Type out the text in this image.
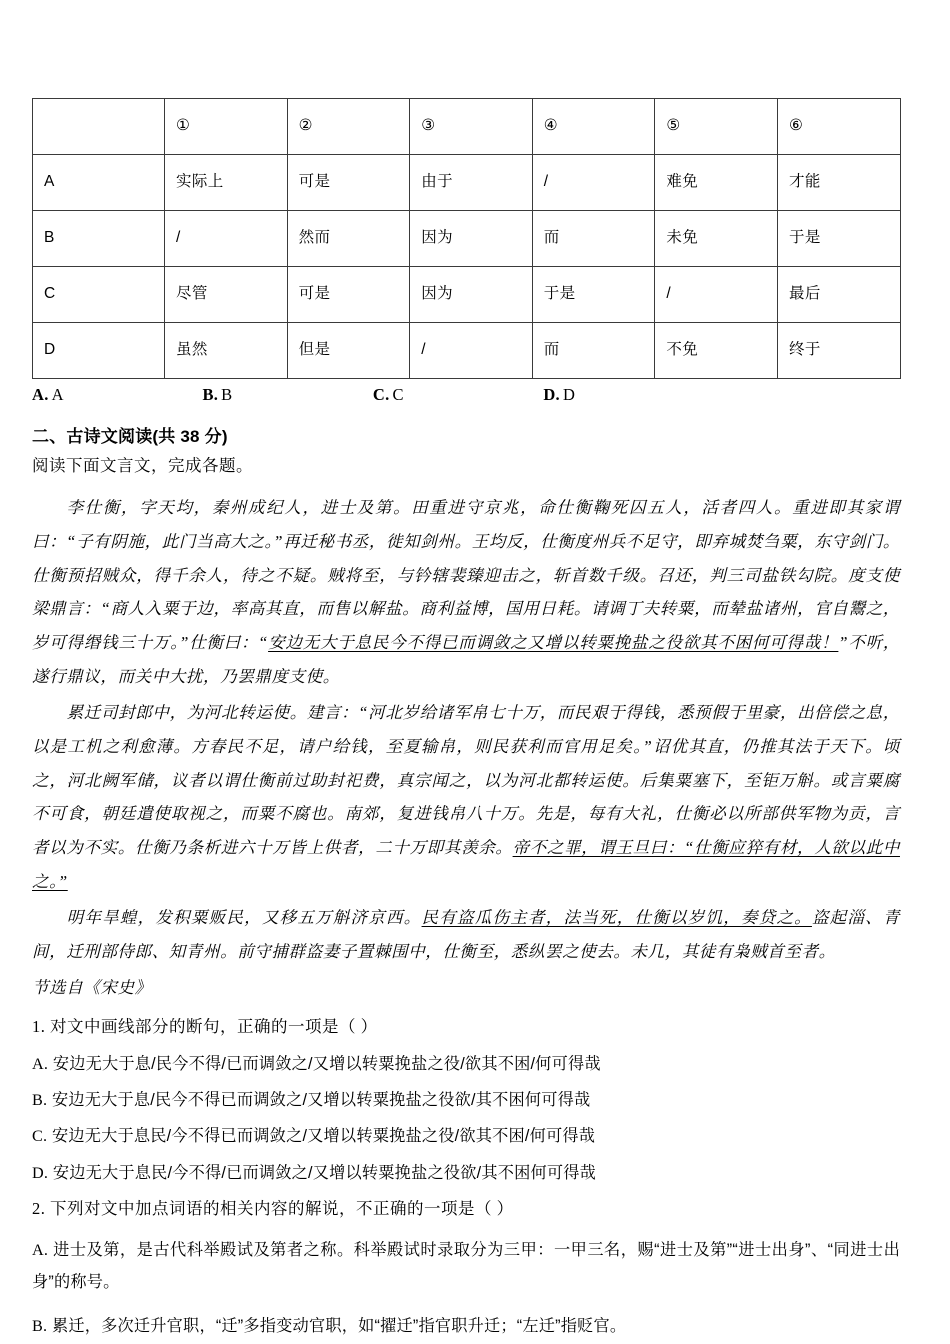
	①	②	③	④	⑤	⑥
A	实际上	可是	由于	/	难免	才能
B	/	然而	因为	而	未免	于是
C	尽管	可是	因为	于是	/	最后
D	虽然	但是	/	而	不免	终于
A. A	B. B	C. C	D. D
二、古诗文阅读(共 38 分)
阅读下面文言文，完成各题。
李仕衡，字天均，秦州成纪人，进士及第。田重进守京兆，命仕衡鞠死囚五人，活者四人。重进即其家谓曰：“子有阴施，此门当高大之。”再迁秘书丞，徙知剑州。王均反，仕衡度州兵不足守，即弃城焚刍粟，东守剑门。仕衡预招贼众，得千余人，待之不疑。贼将至，与钤辖裴臻迎击之，斩首数千级。召还，判三司盐铁勾院。度支使梁鼎言：“商人入粟于边，率高其直，而售以解盐。商利益博，国用日耗。请调丁夫转粟，而辇盐诸州，官自鬻之，岁可得缗钱三十万。”仕衡曰：“安边无大于息民今不得已而调敛之又增以转粟挽盐之役欲其不困何可得哉！”不听，遂行鼎议，而关中大扰，乃罢鼎度支使。
累迁司封郎中，为河北转运使。建言：“河北岁给诸军帛七十万，而民艰于得钱，悉预假于里豪，出倍偿之息，以是工机之利愈薄。方春民不足，请户给钱，至夏输帛，则民获利而官用足矣。”诏优其直，仍推其法于天下。顷之，河北阙军储，议者以谓仕衡前过助封祀费，真宗闻之，以为河北都转运使。后集粟塞下，至钜万斛。或言粟腐不可食，朝廷遣使取视之，而粟不腐也。南郊，复进钱帛八十万。先是，每有大礼，仕衡必以所部供军物为贡，言者以为不实。仕衡乃条析进六十万皆上供者，二十万即其羡余。帝不之罪，谓王旦曰：“仕衡应猝有材，人欲以此中之。”
明年旱蝗，发积粟贩民，又移五万斛济京西。民有盗瓜伤主者，法当死，仕衡以岁饥，奏贷之。盗起淄、青间，迁刑部侍郎、知青州。前守捕群盗妻子置棘围中，仕衡至，悉纵罢之使去。未几，其徒有枭贼首至者。
节选自《宋史》
1. 对文中画线部分的断句，正确的一项是（ ）
A. 安边无大于息/民今不得/已而调敛之/又增以转粟挽盐之役/欲其不困/何可得哉
B. 安边无大于息/民今不得已而调敛之/又增以转粟挽盐之役欲/其不困何可得哉
C. 安边无大于息民/今不得已而调敛之/又增以转粟挽盐之役/欲其不困/何可得哉
D. 安边无大于息民/今不得/已而调敛之/又增以转粟挽盐之役欲/其不困何可得哉
2. 下列对文中加点词语的相关内容的解说，不正确的一项是（ ）
A. 进士及第，是古代科举殿试及第者之称。科举殿试时录取分为三甲：一甲三名，赐“进士及第”“进士出身”、“同进士出身”的称号。
B. 累迁，多次迁升官职，“迁”多指变动官职，如“擢迁”指官职升迁；“左迁”指贬官。
